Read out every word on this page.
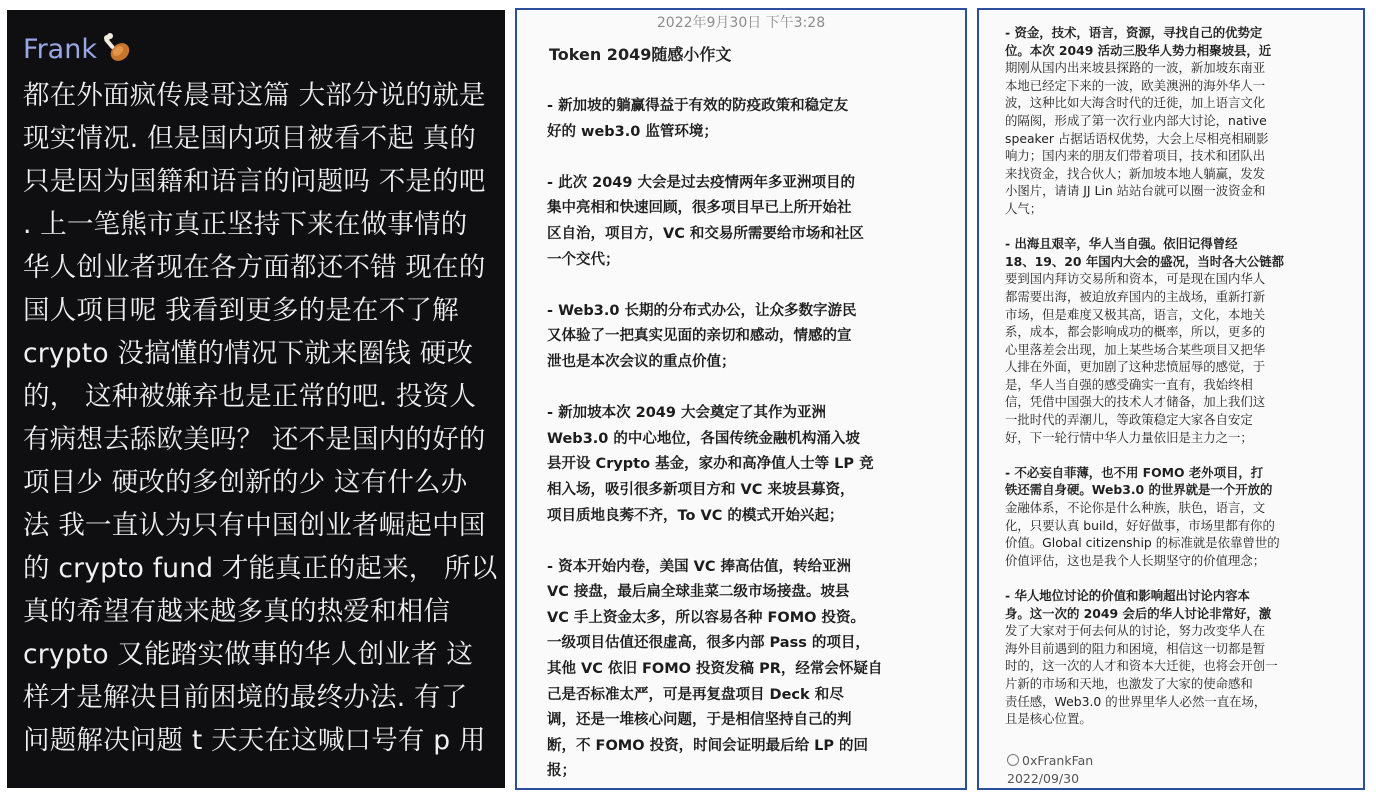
Frank
都在外面疯传晨哥这篇 大部分说的就是
现实情况. 但是国内项目被看不起 真的
只是因为国籍和语言的问题吗 不是的吧
. 上一笔熊市真正坚持下来在做事情的
华人创业者现在各方面都还不错 现在的
国人项目呢 我看到更多的是在不了解
crypto 没搞懂的情况下就来圈钱 硬改
的， 这种被嫌弃也是正常的吧. 投资人
有病想去舔欧美吗？ 还不是国内的好的
项目少 硬改的多创新的少 这有什么办
法 我一直认为只有中国创业者崛起中国
的 crypto fund 才能真正的起来， 所以
真的希望有越来越多真的热爱和相信
crypto 又能踏实做事的华人创业者 这
样才是解决目前困境的最终办法. 有了
问题解决问题 t 天天在这喊口号有 p 用
2022年9月30日 下午3:28
Token 2049随感小作文

- 新加坡的躺赢得益于有效的防疫政策和稳定友
好的 web3.0 监管环境；

- 此次 2049 大会是过去疫情两年多亚洲项目的
集中亮相和快速回顾，很多项目早已上所开始社
区自治，项目方，VC 和交易所需要给市场和社区
一个交代；

- Web3.0 长期的分布式办公，让众多数字游民
又体验了一把真实见面的亲切和感动，情感的宣
泄也是本次会议的重点价值；

- 新加坡本次 2049 大会奠定了其作为亚洲
Web3.0 的中心地位，各国传统金融机构涌入坡
县开设 Crypto 基金，家办和高净值人士等 LP 竞
相入场，吸引很多新项目方和 VC 来坡县募资，
项目质地良莠不齐，To VC 的模式开始兴起；

- 资本开始内卷，美国 VC 捧高估值，转给亚洲
VC 接盘，最后扁全球韭菜二级市场接盘。坡县
VC 手上资金太多，所以容易各种 FOMO 投资。
一级项目估值还很虚高，很多内部 Pass 的项目，
其他 VC 依旧 FOMO 投资发稿 PR，经常会怀疑自
己是否标准太严，可是再复盘项目 Deck 和尽
调，还是一堆核心问题，于是相信坚持自己的判
断，不 FOMO 投资，时间会证明最后给 LP 的回
报；

- 资金，技术，语言，资源，寻找自己的优势定
位。本次 2049 活动三股华人势力相聚坡县，近
期刚从国内出来坡县探路的一波，新加坡东南亚
本地已经定下来的一波，欧美澳洲的海外华人一
波，这种比如大海含时代的迁徙，加上语言文化
的隔阂，形成了第一次行业内部大讨论，native
speaker 占据话语权优势，大会上尽相亮相刷影
响力；国内来的朋友们带着项目，技术和团队出
来找资金，找合伙人；新加坡本地人躺赢，发发
小图片，请请 JJ Lin 站站台就可以圈一波资金和
人气；

- 出海且艰辛，华人当自强。依旧记得曾经
18、19、20 年国内大会的盛况，当时各大公链都
要到国内拜访交易所和资本，可是现在国内华人
都需要出海，被迫放弃国内的主战场，重新打新
市场，但是难度又极其高，语言，文化，本地关
系，成本，都会影响成功的概率，所以，更多的
心里落差会出现，加上某些场合某些项目又把华
人排在外面，更加剧了这种悲愤屈辱的感觉，于
是，华人当自强的感受确实一直有，我始终相
信，凭借中国强大的技术人才储备，加上我们这
一批时代的弄潮儿，等政策稳定大家各自安定
好，下一轮行情中华人力量依旧是主力之一；

- 不必妄自菲薄，也不用 FOMO 老外项目，打
铁还需自身硬。Web3.0 的世界就是一个开放的
金融体系，不论你是什么种族，肤色，语言，文
化，只要认真 build，好好做事，市场里都有你的
价值。Global citizenship 的标准就是依靠曾世的
价值评估，这也是我个人长期坚守的价值理念；

- 华人地位讨论的价值和影响超出讨论内容本
身。这一次的 2049 会后的华人讨论非常好，激
发了大家对于何去何从的讨论，努力改变华人在
海外目前遇到的阻力和困境，相信这一切都是暂
时的，这一次的人才和资本大迁徙，也将会开创一
片新的市场和天地，也激发了大家的使命感和
责任感，Web3.0 的世界里华人必然一直在场，
且是核心位置。

0xFrankFan
2022/09/30
